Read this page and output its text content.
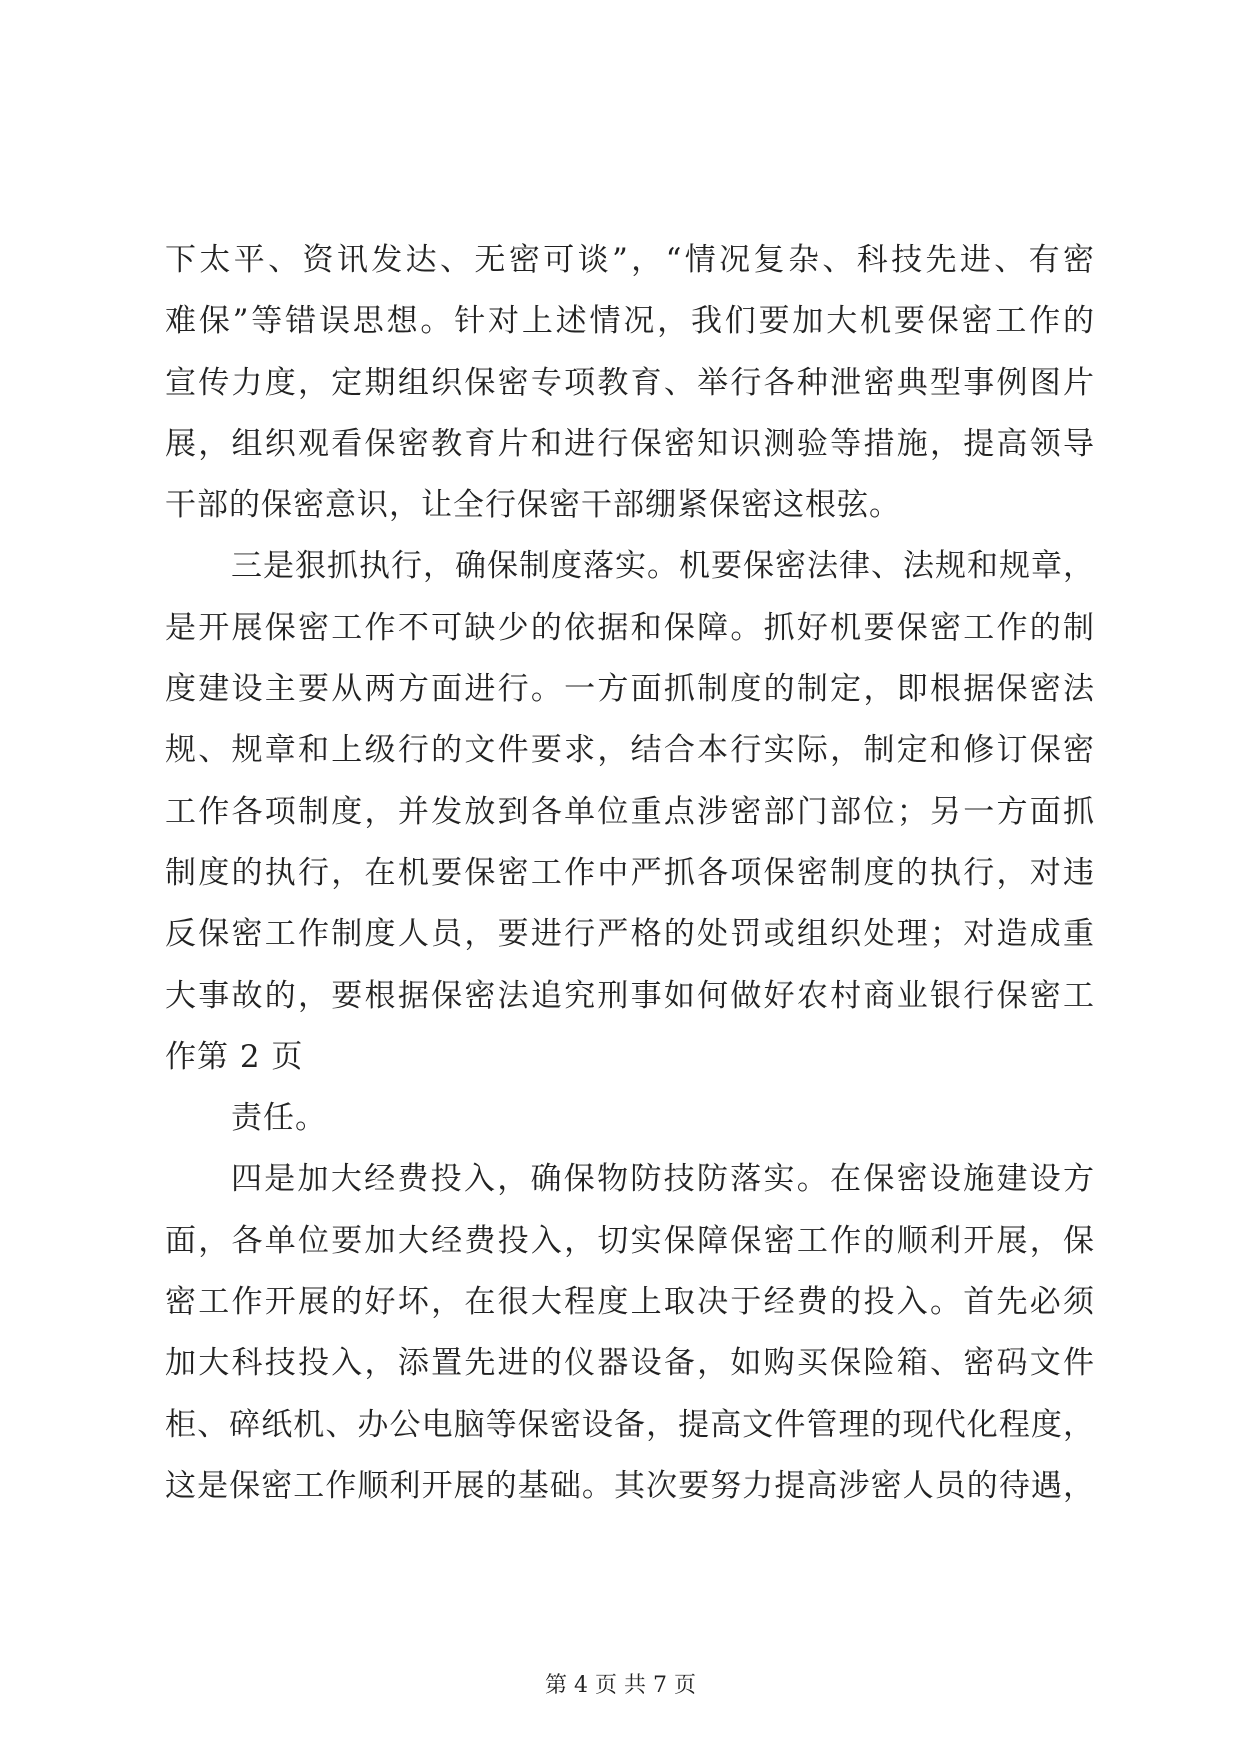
下太平、资讯发达、无密可谈”，“情况复杂、科技先进、有密
难保”等错误思想。针对上述情况，我们要加大机要保密工作的
宣传力度，定期组织保密专项教育、举行各种泄密典型事例图片
展，组织观看保密教育片和进行保密知识测验等措施，提高领导
干部的保密意识，让全行保密干部绷紧保密这根弦。
三是狠抓执行，确保制度落实。机要保密法律、法规和规章，
是开展保密工作不可缺少的依据和保障。抓好机要保密工作的制
度建设主要从两方面进行。一方面抓制度的制定，即根据保密法
规、规章和上级行的文件要求，结合本行实际，制定和修订保密
工作各项制度，并发放到各单位重点涉密部门部位；另一方面抓
制度的执行，在机要保密工作中严抓各项保密制度的执行，对违
反保密工作制度人员，要进行严格的处罚或组织处理；对造成重
大事故的，要根据保密法追究刑事如何做好农村商业银行保密工
作第 2 页
责任。
四是加大经费投入，确保物防技防落实。在保密设施建设方
面，各单位要加大经费投入，切实保障保密工作的顺利开展，保
密工作开展的好坏，在很大程度上取决于经费的投入。首先必须
加大科技投入，添置先进的仪器设备，如购买保险箱、密码文件
柜、碎纸机、办公电脑等保密设备，提高文件管理的现代化程度，
这是保密工作顺利开展的基础。其次要努力提高涉密人员的待遇，
第 4 页 共 7 页
